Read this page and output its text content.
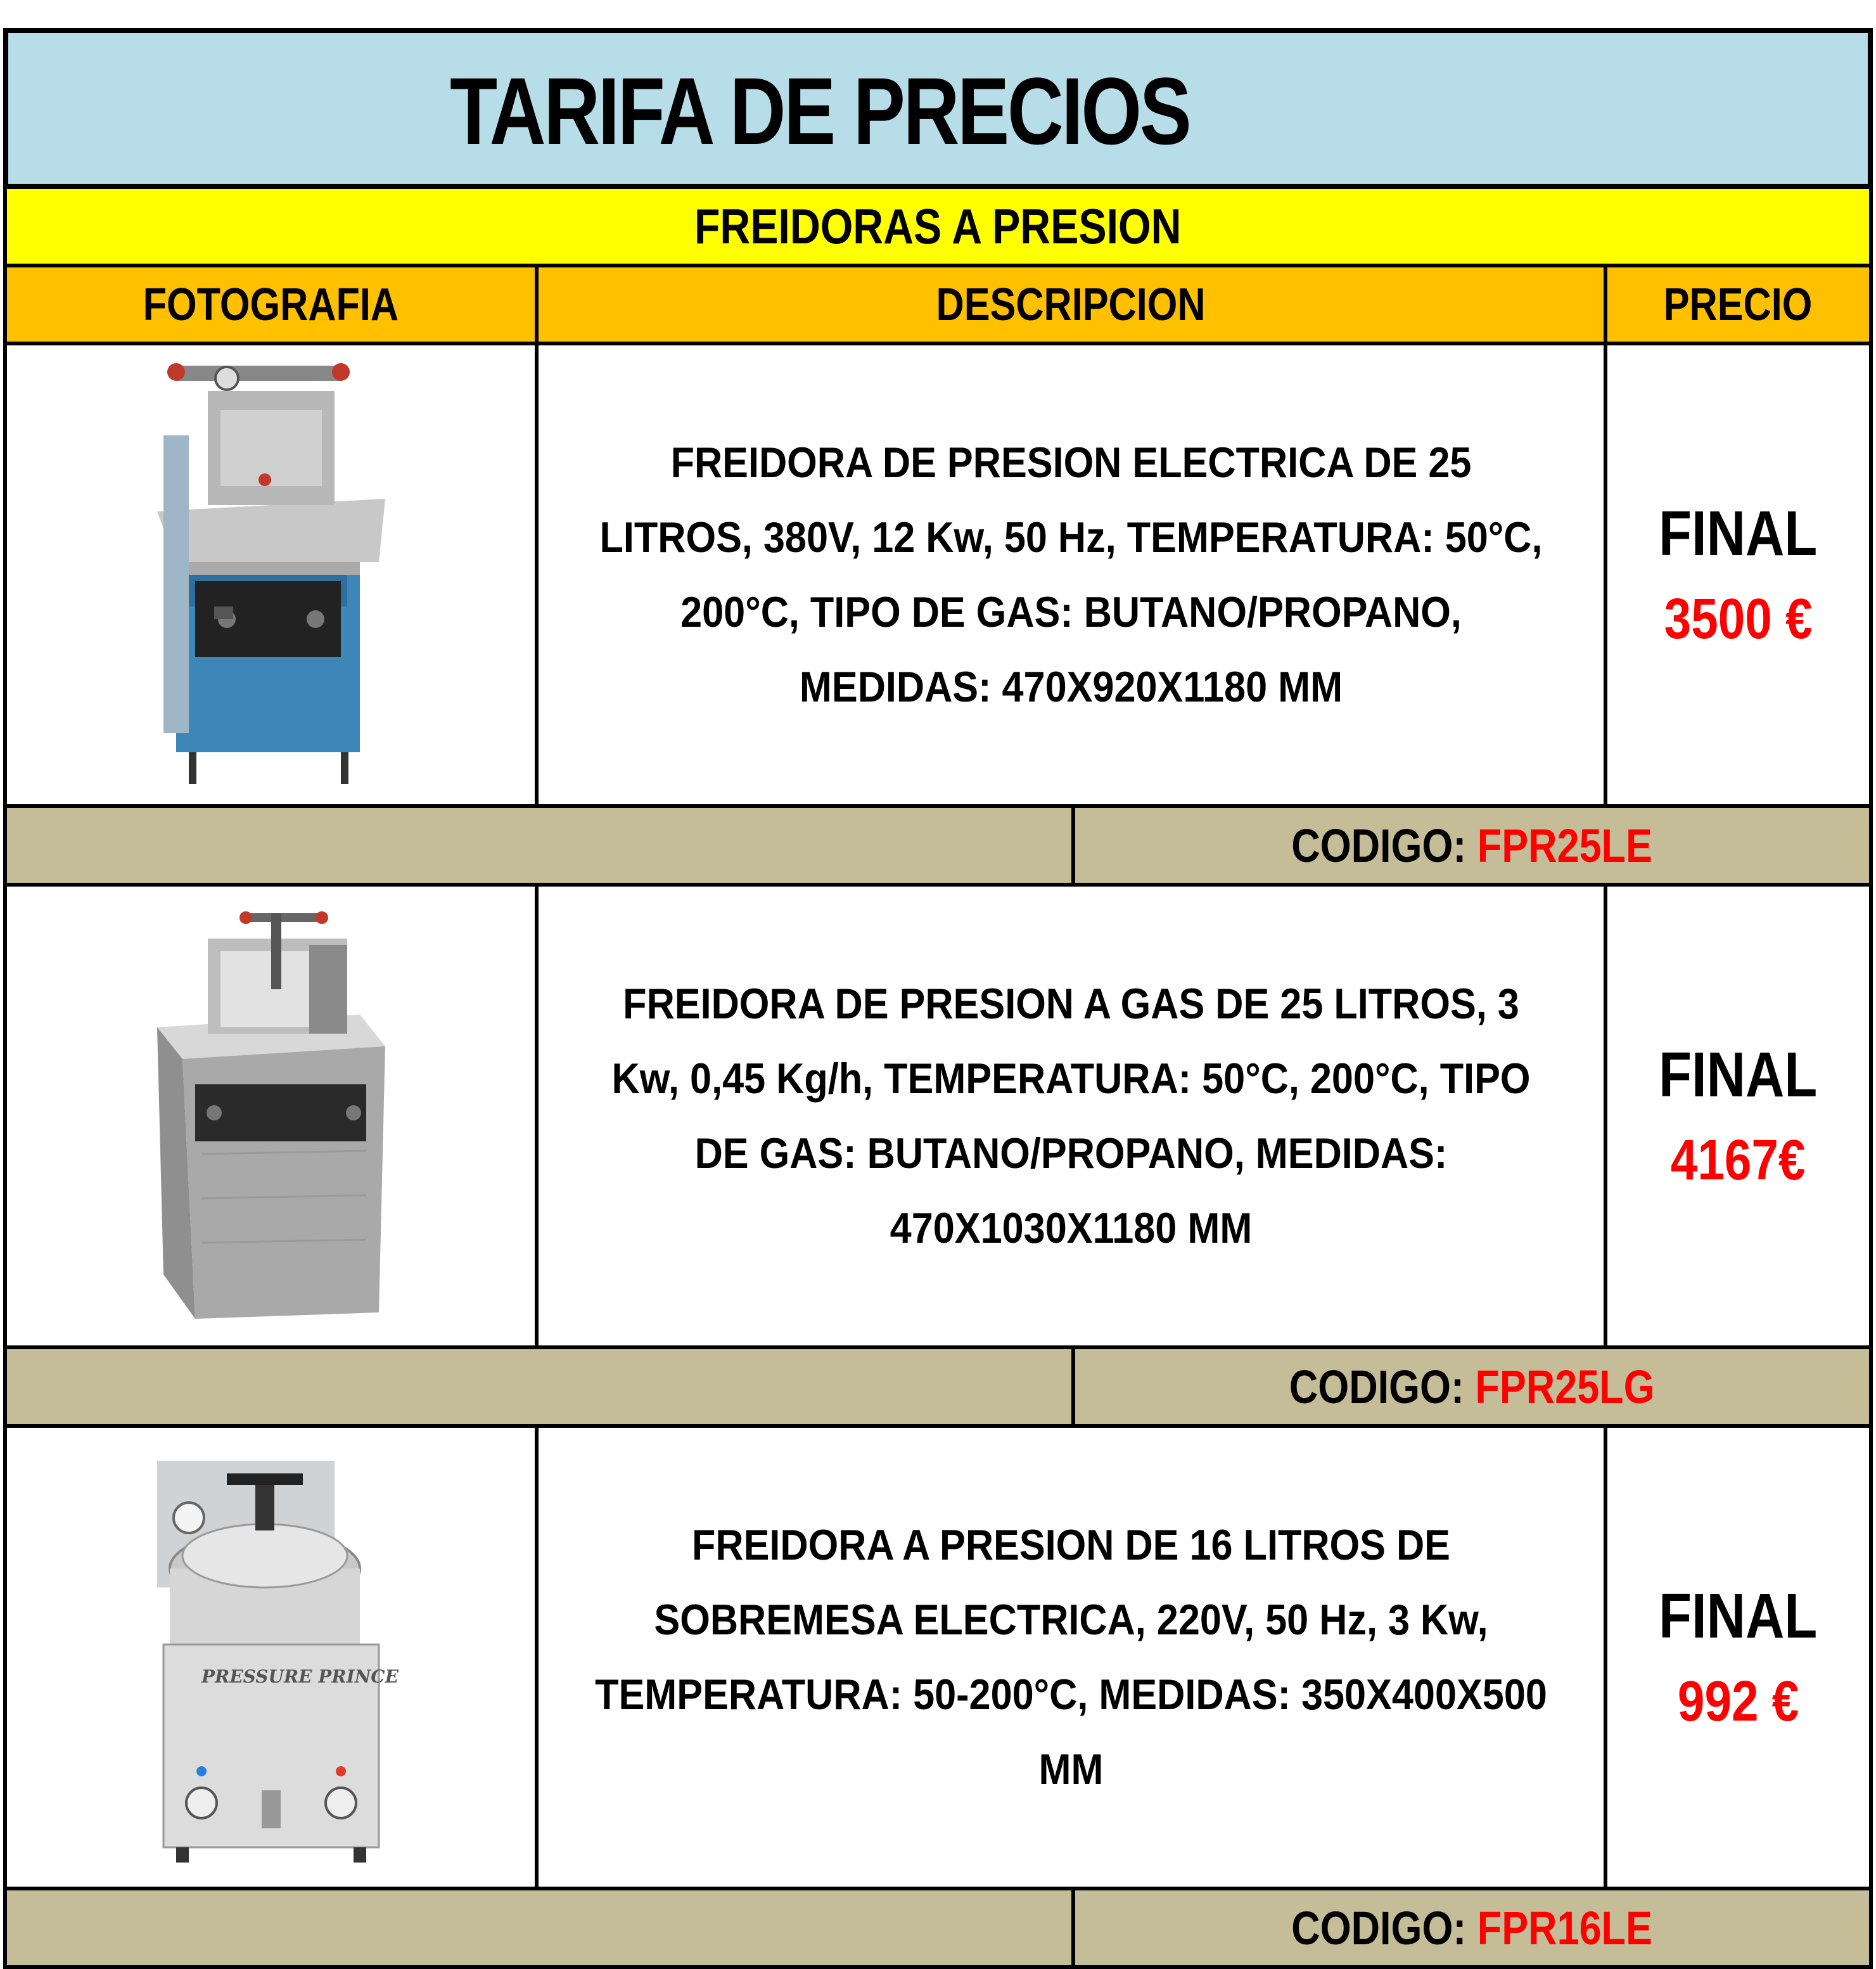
TARIFA DE PRECIOS
FREIDORAS A PRESION
FOTOGRAFIA	DESCRIPCION	PRECIO
FREIDORA DE PRESION ELECTRICA DE 25 LITROS, 380V, 12 Kw, 50 Hz, TEMPERATURA: 50°C, 200°C, TIPO DE GAS: BUTANO/PROPANO, MEDIDAS: 470X920X1180 MM
FINAL
3500 €
CODIGO: FPR25LE
FREIDORA DE PRESION A GAS DE 25 LITROS, 3 Kw, 0,45 Kg/h, TEMPERATURA: 50°C, 200°C, TIPO DE GAS: BUTANO/PROPANO, MEDIDAS: 470X1030X1180 MM
FINAL
4167€
CODIGO: FPR25LG
PRESSURE PRINCE
FREIDORA A PRESION DE 16 LITROS DE SOBREMESA ELECTRICA, 220V, 50 Hz, 3 Kw, TEMPERATURA: 50-200°C, MEDIDAS: 350X400X500 MM
FINAL
992 €
CODIGO: FPR16LE
